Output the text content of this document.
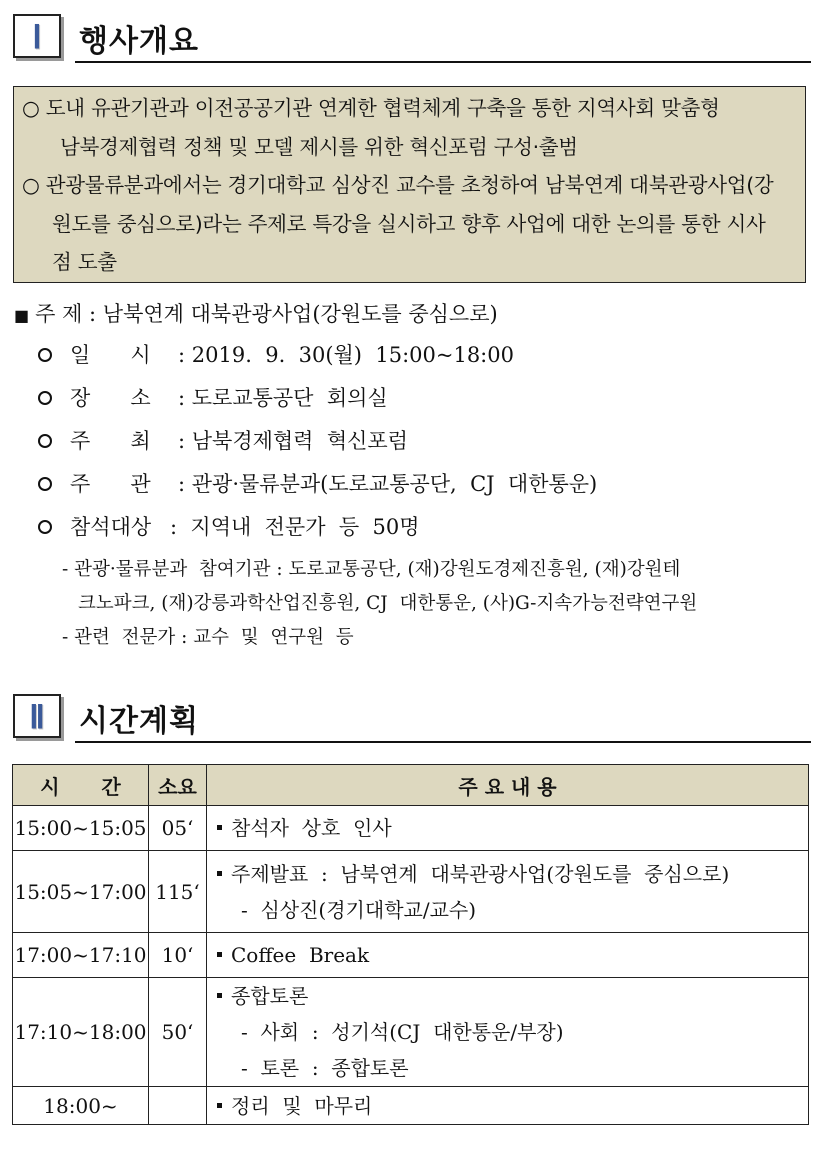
Ⅰ	행사개요
○ 도내 유관기관과 이전공공기관 연계한 협력체계 구축을 통한 지역사회 맞춤형
남북경제협력 정책 및 모델 제시를 위한 혁신포럼 구성·출범
○ 관광물류분과에서는 경기대학교 심상진 교수를 초청하여 남북연계 대북관광사업(강
원도를 중심으로)라는 주제로 특강을 실시하고 향후 사업에 대한 논의를 통한 시사
점 도출
■ 주 제 : 남북연계 대북관광사업(강원도를 중심으로)
일      시 : 2019.  9.  30(월)  15:00~18:00
장      소 : 도로교통공단  회의실
주      최 : 남북경제협력  혁신포럼
주      관 : 관광·물류분과(도로교통공단,  CJ  대한통운)
참석대상 :  지역내  전문가  등  50명
- 관광·물류분과  참여기관 : 도로교통공단, (재)강원도경제진흥원, (재)강원테
크노파크, (재)강릉과학산업진흥원, CJ  대한통운, (사)G-지속가능전략연구원
- 관련  전문가 : 교수  및  연구원  등
Ⅱ	시간계획
시      간	소요	주 요 내 용
15:00~15:05	05‘	참석자  상호  인사

15:05~17:00	115‘	주제발표  :  남북연계  대북관광사업(강원도를  중심으로)
-  심상진(경기대학교/교수)

17:00~17:10	10‘	Coffee  Break

17:10~18:00	50‘	종합토론
-  사회  :  성기석(CJ  대한통운/부장)
-  토론  :  종합토론

18:00~		정리  및  마무리
